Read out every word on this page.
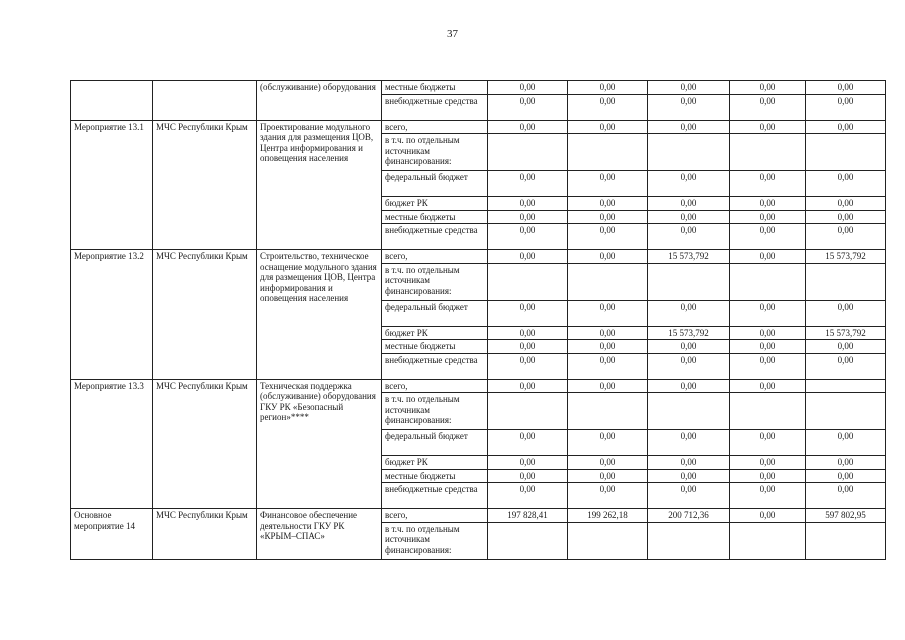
37
		(обслуживание) оборудования	местные бюджеты	0,00	0,00	0,00	0,00	0,00
			внебюджетные средства	0,00	0,00	0,00	0,00	0,00
Мероприятие 13.1	МЧС Республики Крым	Проектирование модульного здания для размещения ЦОВ, Центра информирования и оповещения населения	всего,	0,00	0,00	0,00	0,00	0,00
			в т.ч. по отдельным источникам финансирования:					
			федеральный бюджет	0,00	0,00	0,00	0,00	0,00
			бюджет РК	0,00	0,00	0,00	0,00	0,00
			местные бюджеты	0,00	0,00	0,00	0,00	0,00
			внебюджетные средства	0,00	0,00	0,00	0,00	0,00
Мероприятие 13.2	МЧС Республики Крым	Строительство, техническое оснащение модульного здания для размещения ЦОВ, Центра информирования и оповещения населения	всего,	0,00	0,00	15 573,792	0,00	15 573,792
			в т.ч. по отдельным источникам финансирования:					
			федеральный бюджет	0,00	0,00	0,00	0,00	0,00
			бюджет РК	0,00	0,00	15 573,792	0,00	15 573,792
			местные бюджеты	0,00	0,00	0,00	0,00	0,00
			внебюджетные средства	0,00	0,00	0,00	0,00	0,00
Мероприятие 13.3	МЧС Республики Крым	Техническая поддержка (обслуживание) оборудования ГКУ РК «Безопасный регион»****	всего,	0,00	0,00	0,00	0,00	
			в т.ч. по отдельным источникам финансирования:					
			федеральный бюджет	0,00	0,00	0,00	0,00	0,00
			бюджет РК	0,00	0,00	0,00	0,00	0,00
			местные бюджеты	0,00	0,00	0,00	0,00	0,00
			внебюджетные средства	0,00	0,00	0,00	0,00	0,00
Основное мероприятие 14	МЧС Республики Крым	Финансовое обеспечение деятельности ГКУ РК «КРЫМ–СПАС»	всего,	197 828,41	199 262,18	200 712,36	0,00	597 802,95
			в т.ч. по отдельным источникам финансирования:					
